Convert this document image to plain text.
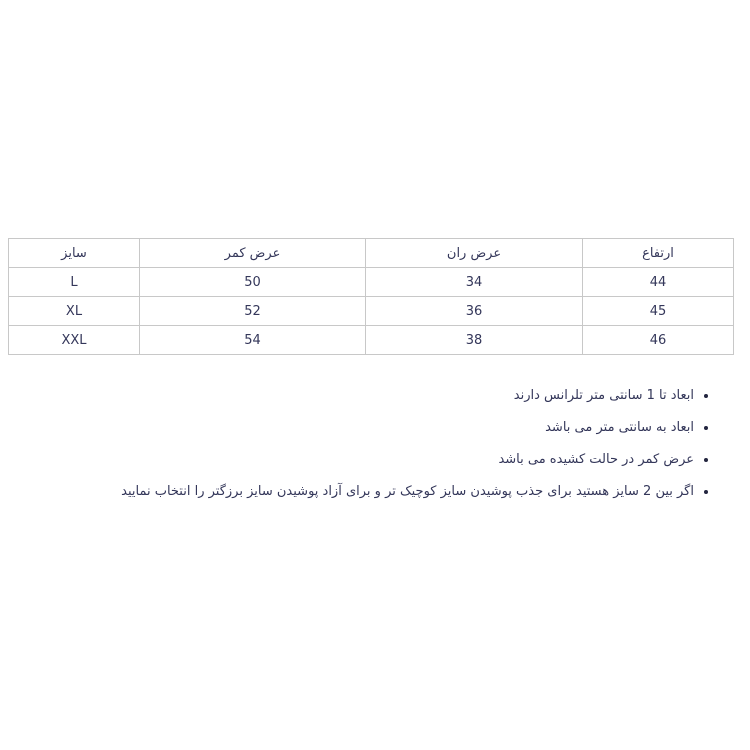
سایز	عرض کمر	عرض ران	ارتفاع
L	50	34	44
XL	52	36	45
XXL	54	38	46
• ابعاد تا 1 سانتی متر تلرانس دارند
• ابعاد به سانتی متر می باشد
• عرض کمر در حالت کشیده می باشد
• اگر بین 2 سایز هستید برای جذب پوشیدن سایز کوچیک تر و برای آزاد پوشیدن سایز برزگتر را انتخاب نمایید
